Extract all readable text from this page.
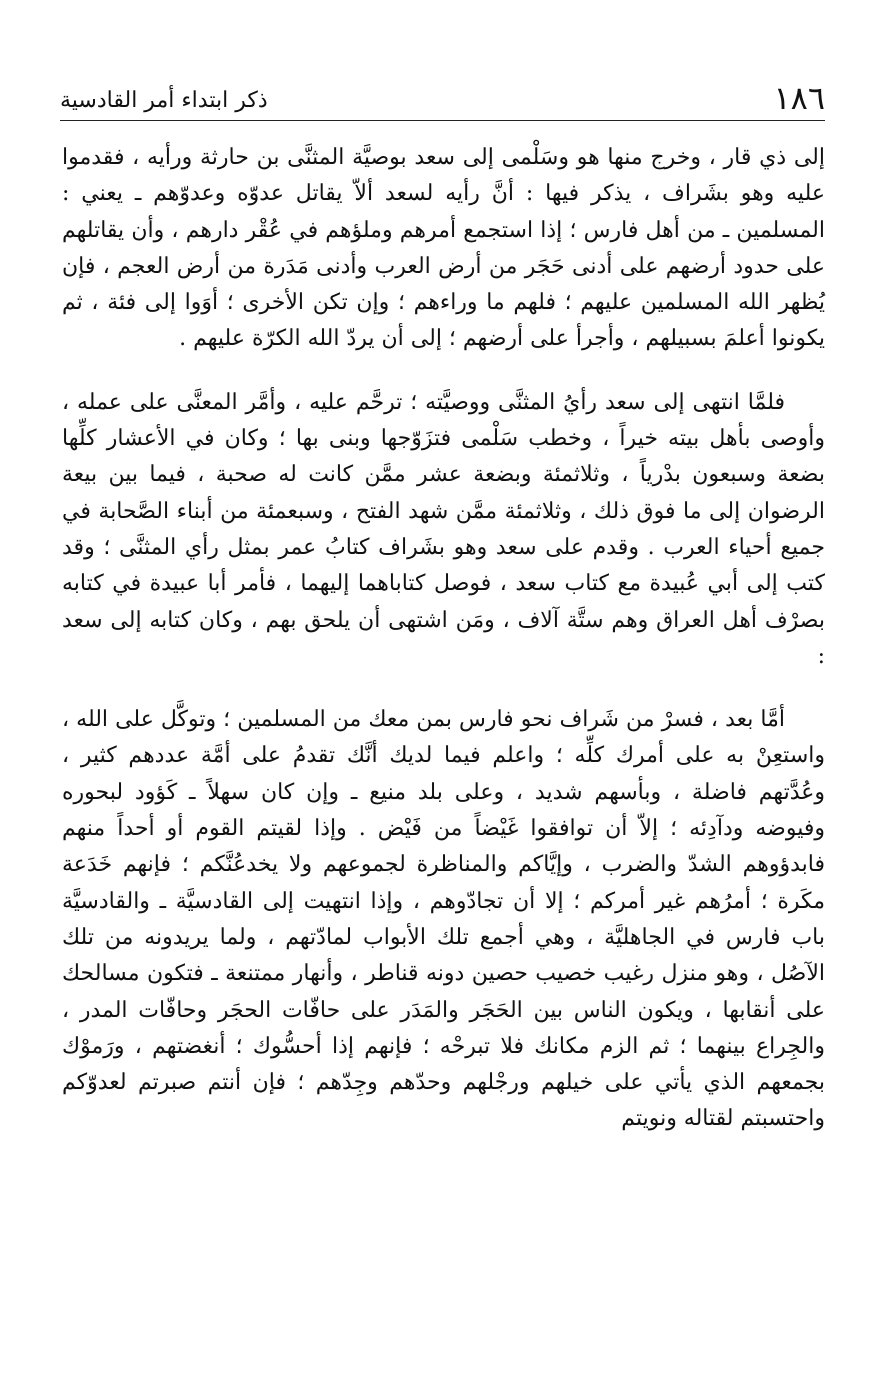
١٨٦
ذكر ابتداء أمر القادسية

إلى ذي قار ، وخرج منها هو وسَلْمى إلى سعد بوصيَّة المثنَّى بن حارثة ورأيه ، فقدموا عليه وهو بشَراف ، يذكر فيها : أنَّ رأيه لسعد ألاّ يقاتل عدوّه وعدوّهم ـ يعني : المسلمين ـ من أهل فارس ؛ إذا استجمع أمرهم وملؤهم في عُقْر دارهم ، وأن يقاتلهم على حدود أرضهم على أدنى حَجَر من أرض العرب وأدنى مَدَرة من أرض العجم ، فإن يُظهر الله المسلمين عليهم ؛ فلهم ما وراءهم ؛ وإن تكن الأخرى ؛ أوَوا إلى فئة ، ثم يكونوا أعلمَ بسبيلهم ، وأجرأ على أرضهم ؛ إلى أن يردّ الله الكرّة عليهم .

فلمَّا انتهى إلى سعد رأيُ المثنَّى ووصيَّته ؛ ترحَّم عليه ، وأمَّر المعنَّى على عمله ، وأوصى بأهل بيته خيراً ، وخطب سَلْمى فتزَوّجها وبنى بها ؛ وكان في الأعشار كلِّها بضعة وسبعون بدْرياً ، وثلاثمئة وبضعة عشر ممَّن كانت له صحبة ، فيما بين بيعة الرضوان إلى ما فوق ذلك ، وثلاثمئة ممَّن شهد الفتح ، وسبعمئة من أبناء الصَّحابة في جميع أحياء العرب . وقدم على سعد وهو بشَراف كتابُ عمر بمثل رأي المثنَّى ؛ وقد كتب إلى أبي عُبيدة مع كتاب سعد ، فوصل كتاباهما إليهما ، فأمر أبا عبيدة في كتابه بصرْف أهل العراق وهم ستَّة آلاف ، ومَن اشتهى أن يلحق بهم ، وكان كتابه إلى سعد :

أمَّا بعد ، فسرْ من شَراف نحو فارس بمن معك من المسلمين ؛ وتوكَّل على الله ، واستعِنْ به على أمرك كلِّه ؛ واعلم فيما لديك أنَّك تقدمُ على أمَّة عددهم كثير ، وعُدَّتهم فاضلة ، وبأسهم شديد ، وعلى بلد منيع ـ وإن كان سهلاً ـ كَؤود لبحوره وفيوضه ودآدِئه ؛ إلاّ أن توافقوا غَيْضاً من فَيْض . وإذا لقيتم القوم أو أحداً منهم فابدؤوهم الشدّ والضرب ، وإيَّاكم والمناظرة لجموعهم ولا يخدعُنَّكم ؛ فإنهم خَدَعة مكَرة ؛ أمرُهم غير أمركم ؛ إلا أن تجادّوهم ، وإذا انتهيت إلى القادسيَّة ـ والقادسيَّة باب فارس في الجاهليَّة ، وهي أجمع تلك الأبواب لمادّتهم ، ولما يريدونه من تلك الآصُل ، وهو منزل رغيب خصيب حصين دونه قناطر ، وأنهار ممتنعة ـ فتكون مسالحك على أنقابها ، ويكون الناس بين الحَجَر والمَدَر على حافّات الحجَر وحافّات المدر ، والجِراع بينهما ؛ ثم الزم مكانك فلا تبرحْه ؛ فإنهم إذا أحسُّوك ؛ أنغضتهم ، ورَموْك بجمعهم الذي يأتي على خيلهم ورجْلهم وحدّهم وجِدّهم ؛ فإن أنتم صبرتم لعدوّكم واحتسبتم لقتاله ونويتم
